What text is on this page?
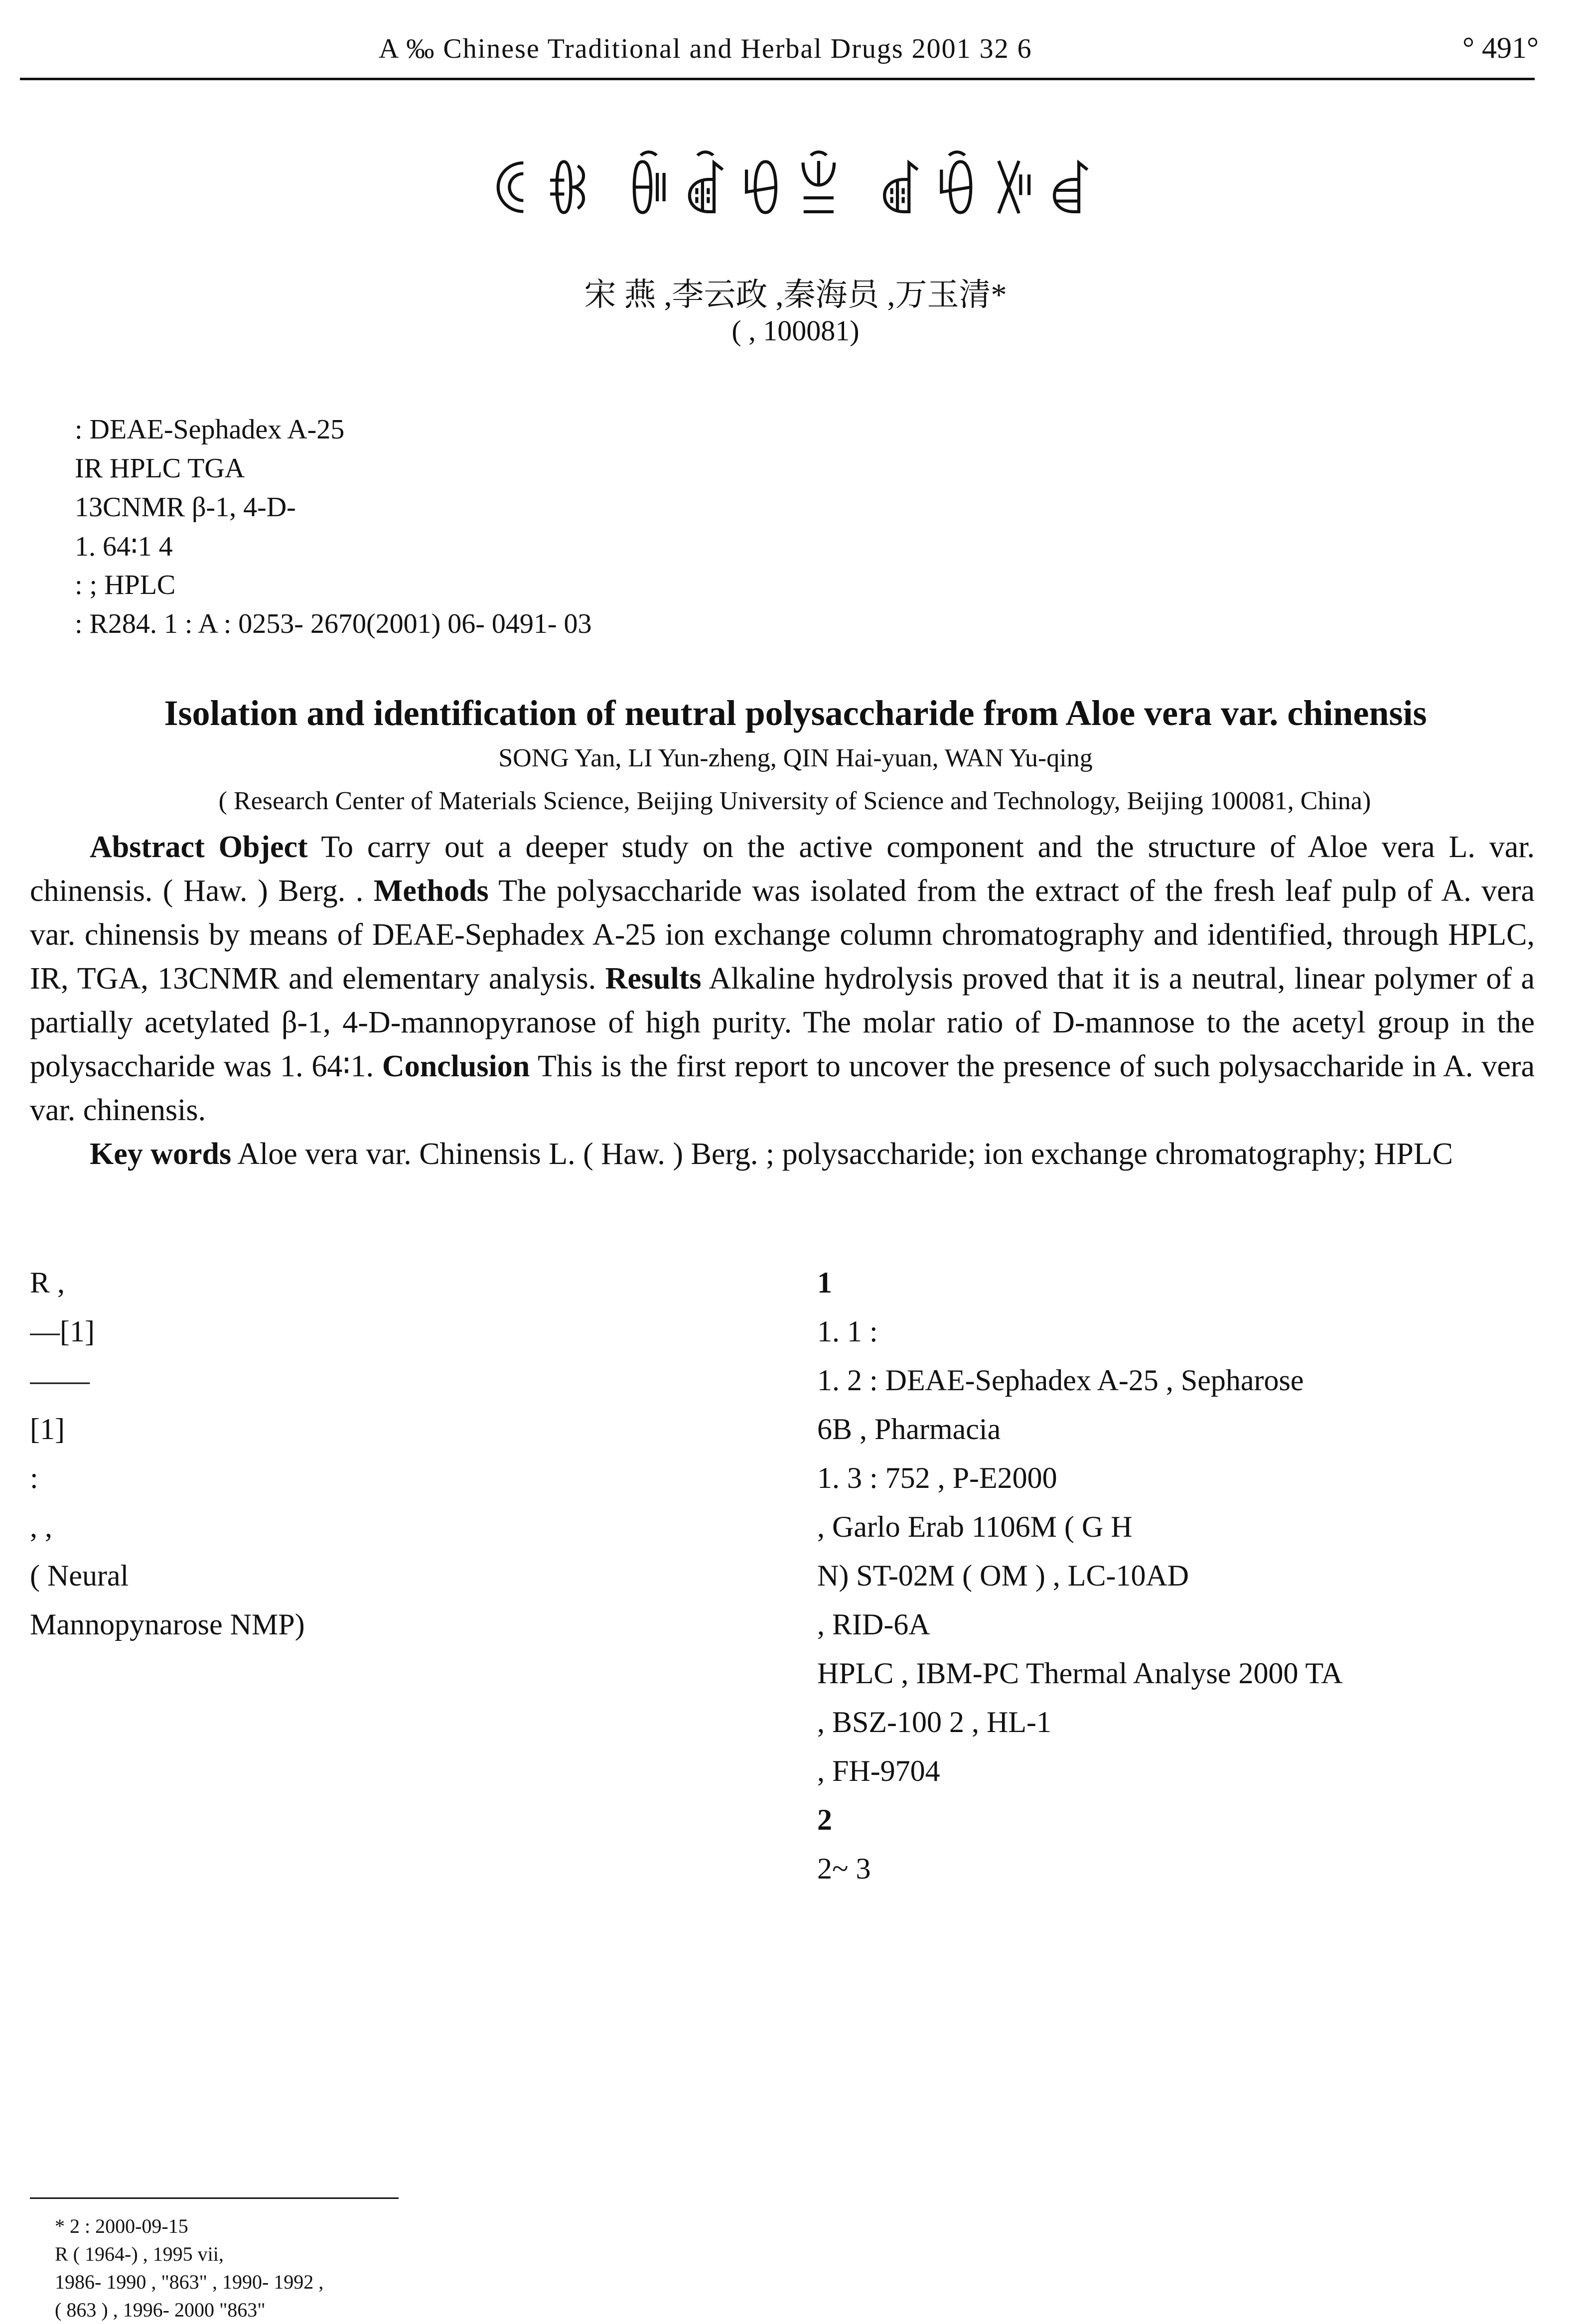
A ‰ Chinese Traditional and Herbal Drugs 2001 32 6	° 491°
ꀯꁆ ꀼꀶꀺꁇ ꀷꀹꀻꀸ
宋 燕 ,李云政 ,秦海员 ,万玉清*
( , 100081)
: DEAE-Sephadex A-25
IR HPLC TGA
13CNMR β-1, 4-D-
1. 64∶1 4
: ; HPLC
: R284. 1 : A : 0253- 2670(2001) 06- 0491- 03
Isolation and identification of neutral polysaccharide from Aloe vera var. chinensis
SONG Yan, LI Yun-zheng, QIN Hai-yuan, WAN Yu-qing
( Research Center of Materials Science, Beijing University of Science and Technology, Beijing 100081, China)

Abstract Object To carry out a deeper study on the active component and the structure of Aloe vera L. var. chinensis. ( Haw. ) Berg. . Methods The polysaccharide was isolated from the extract of the fresh leaf pulp of A. vera var. chinensis by means of DEAE-Sephadex A-25 ion exchange column chromatography and identified, through HPLC, IR, TGA, 13CNMR and elementary analysis. Results Alkaline hydrolysis proved that it is a neutral, linear polymer of a partially acetylated β-1, 4-D-mannopyranose of high purity. The molar ratio of D-mannose to the acetyl group in the polysaccharide was 1. 64∶1. Conclusion This is the first report to uncover the presence of such polysaccharide in A. vera var. chinensis.

Key words Aloe vera var. Chinensis L. ( Haw. ) Berg. ; polysaccharide; ion exchange chromatography; HPLC

R ,

—[1]

——

[1]

:

, ,

( Neural

Mannopynarose NMP)

1

1. 1 :

1. 2 : DEAE-Sephadex A-25 , Sepharose

6B , Pharmacia

1. 3 : 752 , P-E2000

, Garlo Erab 1106M ( G H

N) ST-02M ( OM ) , LC-10AD

, RID-6A

HPLC , IBM-PC Thermal Analyse 2000 TA

, BSZ-100 2 , HL-1

, FH-9704

2

2~ 3

* 2 : 2000-09-15

R ( 1964-) , 1995 vii,

1986- 1990 , "863" , 1990- 1992 ,

( 863 ) , 1996- 2000 "863"
